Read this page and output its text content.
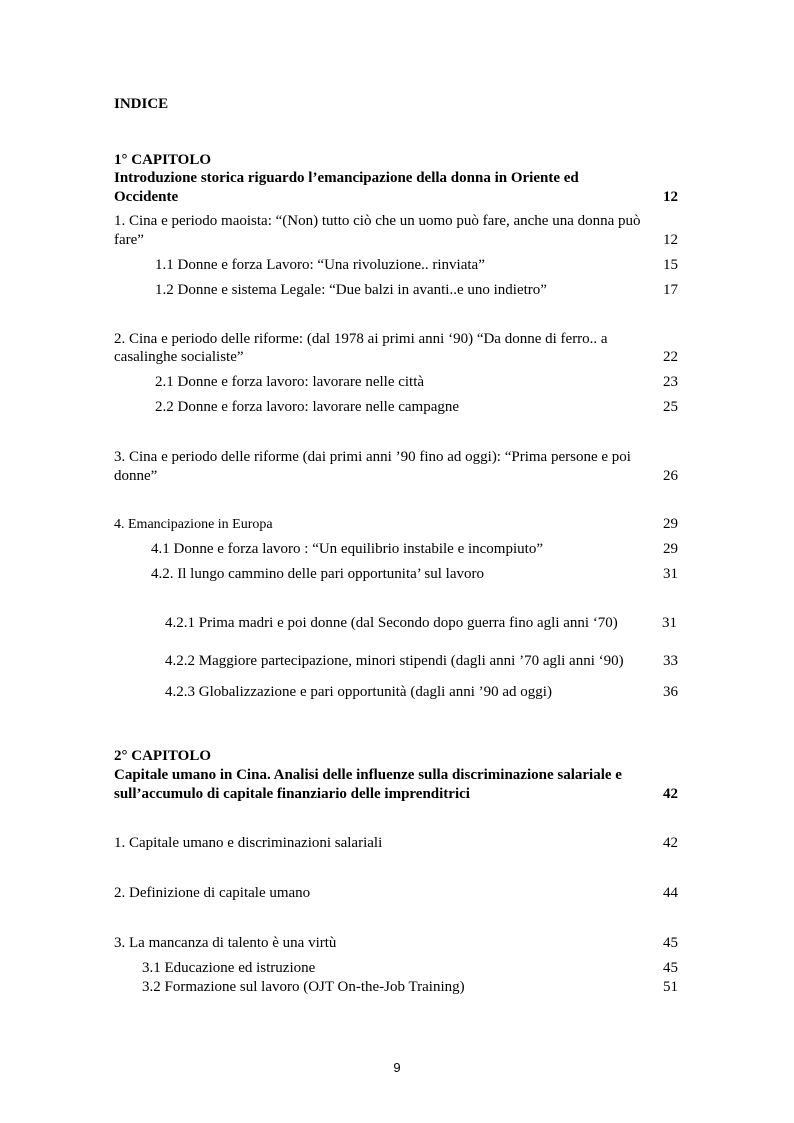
INDICE
1° CAPITOLO
Introduzione storica riguardo l’emancipazione della donna in Oriente ed
Occidente	12
1. Cina e periodo maoista: “(Non) tutto ciò che un uomo può fare, anche una donna può
fare”	12
1.1 Donne e forza Lavoro: “Una rivoluzione.. rinviata”	15
1.2 Donne e sistema Legale: “Due balzi in avanti..e uno indietro”	17
2. Cina e periodo delle riforme: (dal 1978 ai primi anni ‘90) “Da donne di ferro.. a
casalinghe socialiste”	22
2.1 Donne e forza lavoro: lavorare nelle città	23
2.2 Donne e forza lavoro: lavorare nelle campagne	25
3. Cina e periodo delle riforme (dai primi anni ’90 fino ad oggi): “Prima persone e poi
donne”	26
4. Emancipazione in Europa	29
4.1 Donne e forza lavoro : “Un equilibrio instabile e incompiuto”	29
4.2. Il lungo cammino delle pari opportunita’ sul lavoro	31
4.2.1 Prima madri e poi donne (dal Secondo dopo guerra fino agli anni ‘70)	31
4.2.2 Maggiore partecipazione, minori stipendi (dagli anni ’70 agli anni ‘90)	33
4.2.3 Globalizzazione e pari opportunità (dagli anni ’90 ad oggi)	36
2° CAPITOLO
Capitale umano in Cina. Analisi delle influenze sulla discriminazione salariale e
sull’accumulo di capitale finanziario delle imprenditrici	42
1. Capitale umano e discriminazioni salariali	42
2. Definizione di capitale umano	44
3. La mancanza di talento è una virtù	45
3.1 Educazione ed istruzione	45
3.2 Formazione sul lavoro (OJT On-the-Job Training)	51
9
